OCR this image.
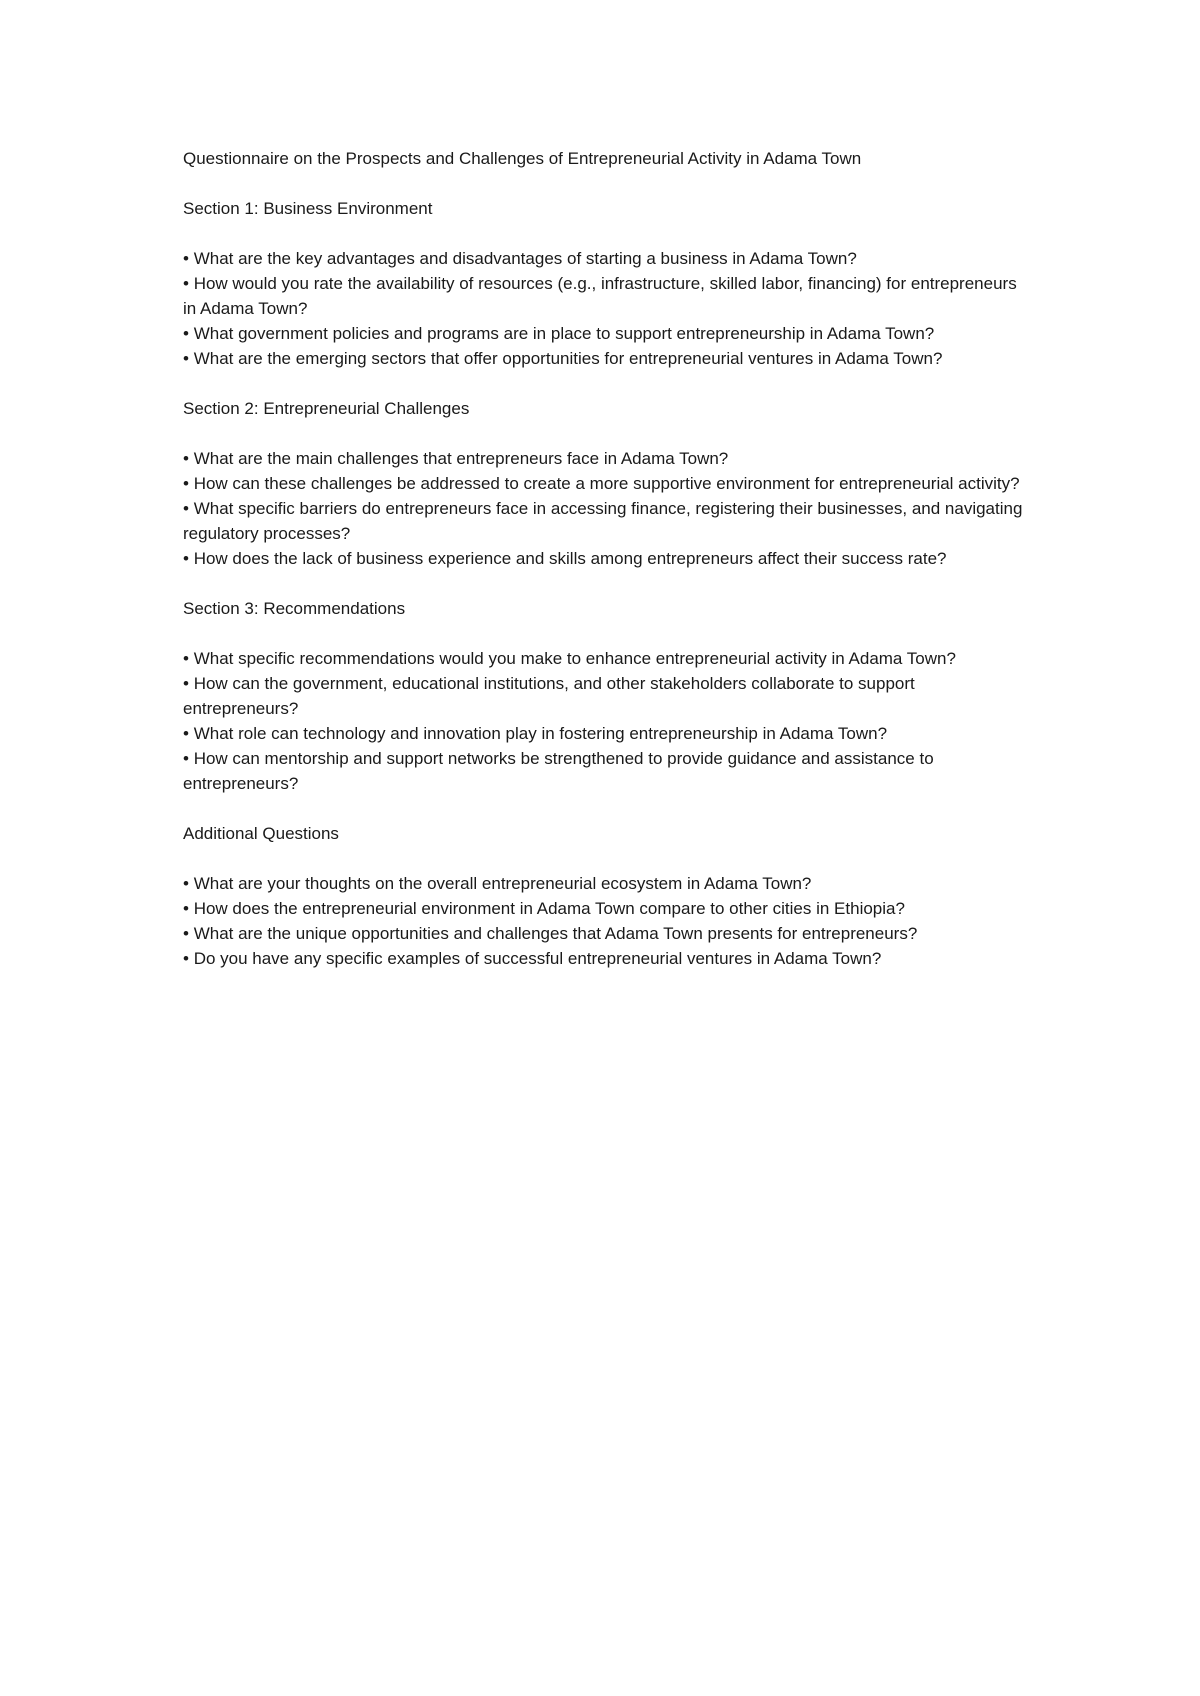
Questionnaire on the Prospects and Challenges of Entrepreneurial Activity in Adama Town

Section 1: Business Environment

• What are the key advantages and disadvantages of starting a business in Adama Town?
• How would you rate the availability of resources (e.g., infrastructure, skilled labor, financing) for entrepreneurs in Adama Town?
• What government policies and programs are in place to support entrepreneurship in Adama Town?
• What are the emerging sectors that offer opportunities for entrepreneurial ventures in Adama Town?

Section 2: Entrepreneurial Challenges

• What are the main challenges that entrepreneurs face in Adama Town?
• How can these challenges be addressed to create a more supportive environment for entrepreneurial activity?
• What specific barriers do entrepreneurs face in accessing finance, registering their businesses, and navigating regulatory processes?
• How does the lack of business experience and skills among entrepreneurs affect their success rate?

Section 3: Recommendations

• What specific recommendations would you make to enhance entrepreneurial activity in Adama Town?
• How can the government, educational institutions, and other stakeholders collaborate to support entrepreneurs?
• What role can technology and innovation play in fostering entrepreneurship in Adama Town?
• How can mentorship and support networks be strengthened to provide guidance and assistance to entrepreneurs?

Additional Questions

• What are your thoughts on the overall entrepreneurial ecosystem in Adama Town?
• How does the entrepreneurial environment in Adama Town compare to other cities in Ethiopia?
• What are the unique opportunities and challenges that Adama Town presents for entrepreneurs?
• Do you have any specific examples of successful entrepreneurial ventures in Adama Town?
